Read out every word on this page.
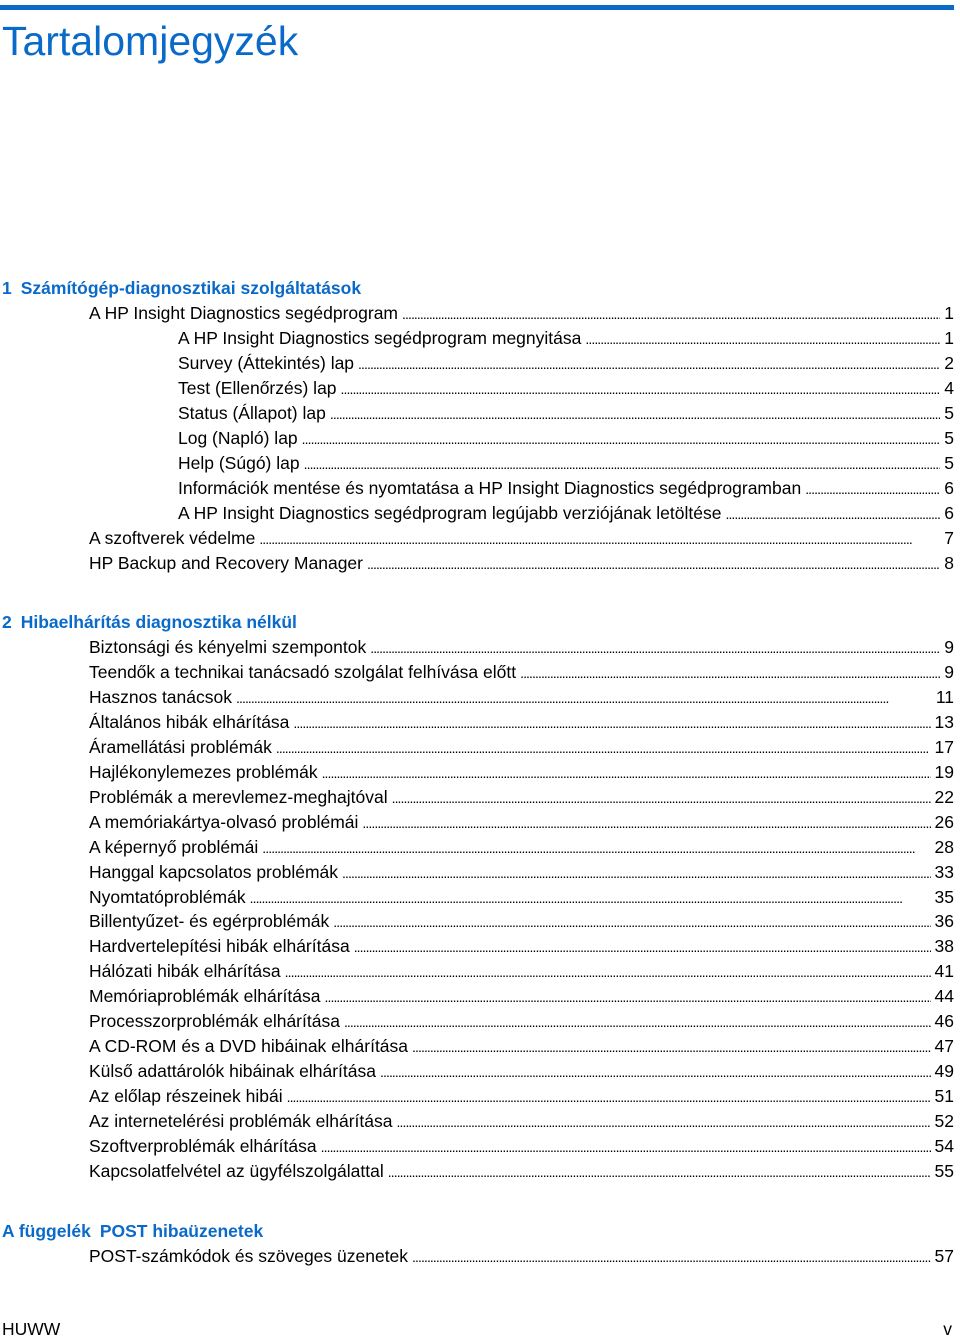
Tartalomjegyzék
1 Számítógép-diagnosztikai szolgáltatások
A HP Insight Diagnostics segédprogram . . .	1
A HP Insight Diagnostics segédprogram megnyitása . . .	1
Survey (Áttekintés) lap . . .	2
Test (Ellenőrzés) lap . . .	4
Status (Állapot) lap . . .	5
Log (Napló) lap . . .	5
Help (Súgó) lap . . .	5
Információk mentése és nyomtatása a HP Insight Diagnostics segédprogramban . . .	6
A HP Insight Diagnostics segédprogram legújabb verziójának letöltése . . .	6
A szoftverek védelme . . .	7
HP Backup and Recovery Manager . . .	8
2 Hibaelhárítás diagnosztika nélkül
Biztonsági és kényelmi szempontok . . .	9
Teendők a technikai tanácsadó szolgálat felhívása előtt . . .	9
Hasznos tanácsok . . .	11
Általános hibák elhárítása . . .	13
Áramellátási problémák . . .	17
Hajlékonylemezes problémák . . .	19
Problémák a merevlemez-meghajtóval . . .	22
A memóriakártya-olvasó problémái . . .	26
A képernyő problémái . . .	28
Hanggal kapcsolatos problémák . . .	33
Nyomtatóproblémák . . .	35
Billentyűzet- és egérproblémák . . .	36
Hardvertelepítési hibák elhárítása . . .	38
Hálózati hibák elhárítása . . .	41
Memóriaproblémák elhárítása . . .	44
Processzorproblémák elhárítása . . .	46
A CD-ROM és a DVD hibáinak elhárítása . . .	47
Külső adattárolók hibáinak elhárítása . . .	49
Az előlap részeinek hibái . . .	51
Az internetelérési problémák elhárítása . . .	52
Szoftverproblémák elhárítása . . .	54
Kapcsolatfelvétel az ügyfélszolgálattal . . .	55
A függelék POST hibaüzenetek
POST-számkódok és szöveges üzenetek . . .	57
HUWW	v
